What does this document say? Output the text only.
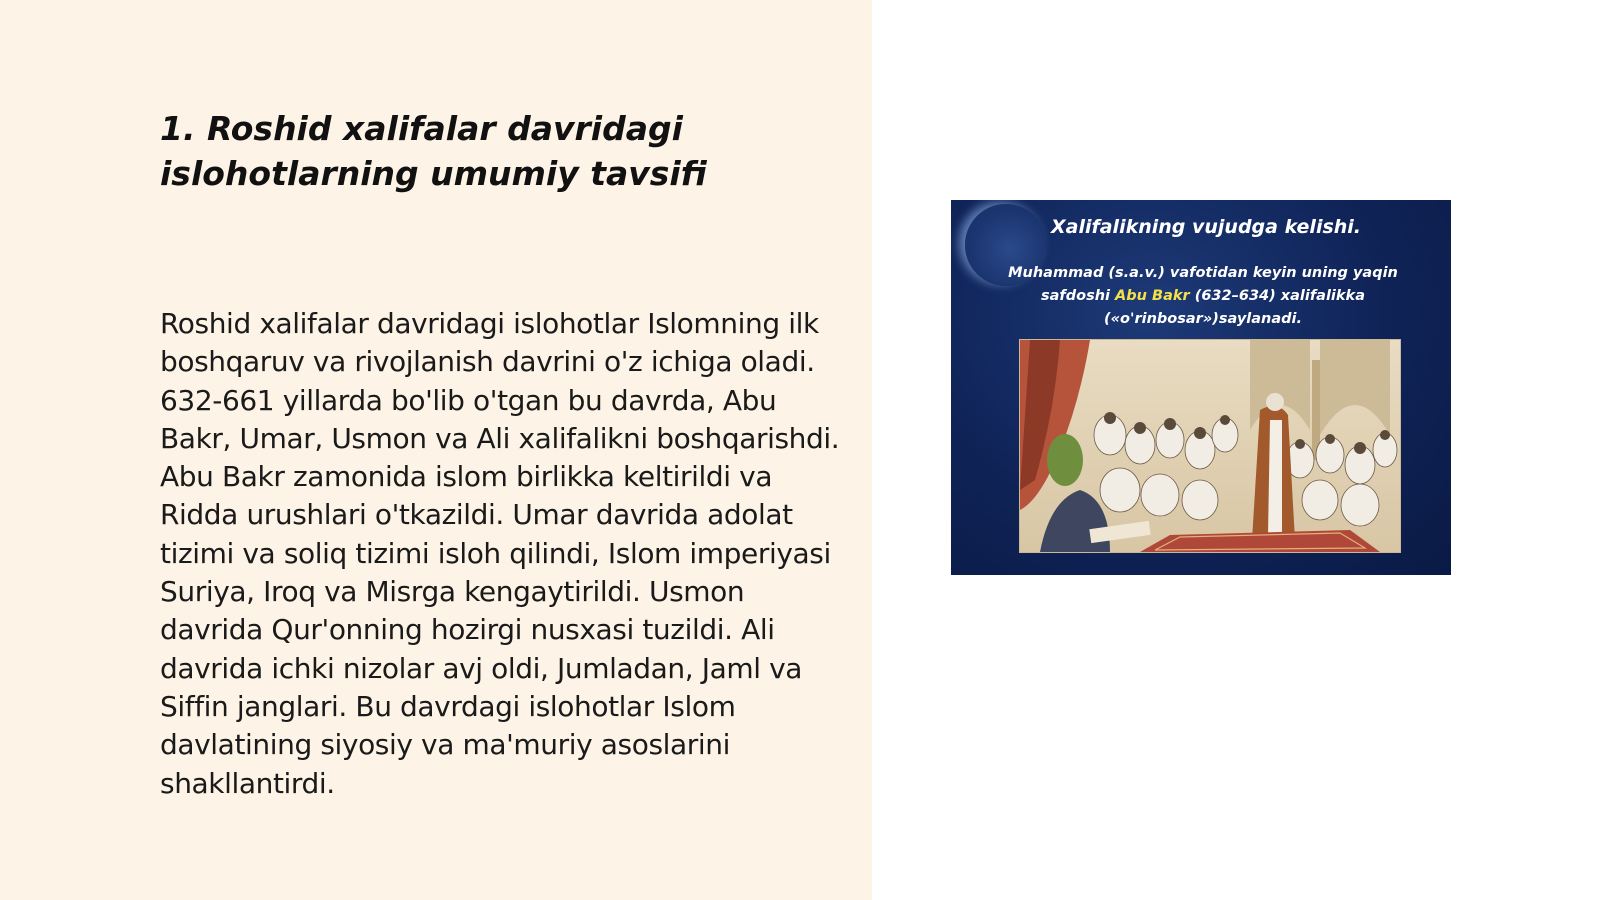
1. Roshid xalifalar davridagi islohotlarning umumiy tavsifi

Roshid xalifalar davridagi islohotlar Islomning ilk boshqaruv va rivojlanish davrini o'z ichiga oladi. 632-661 yillarda bo'lib o'tgan bu davrda, Abu Bakr, Umar, Usmon va Ali xalifalikni boshqarishdi. Abu Bakr zamonida islom birlikka keltirildi va Ridda urushlari o'tkazildi. Umar davrida adolat tizimi va soliq tizimi isloh qilindi, Islom imperiyasi Suriya, Iroq va Misrga kengaytirildi. Usmon davrida Qur'onning hozirgi nusxasi tuzildi. Ali davrida ichki nizolar avj oldi, Jumladan, Jaml va Siffin janglari. Bu davrdagi islohotlar Islom davlatining siyosiy va ma'muriy asoslarini shakllantirdi.

Xalifalikning vujudga kelishi.

Muhammad (s.a.v.) vafotidan keyin uning yaqin safdoshi Abu Bakr (632–634) xalifalikka («o'rinbosar»)saylanadi.
